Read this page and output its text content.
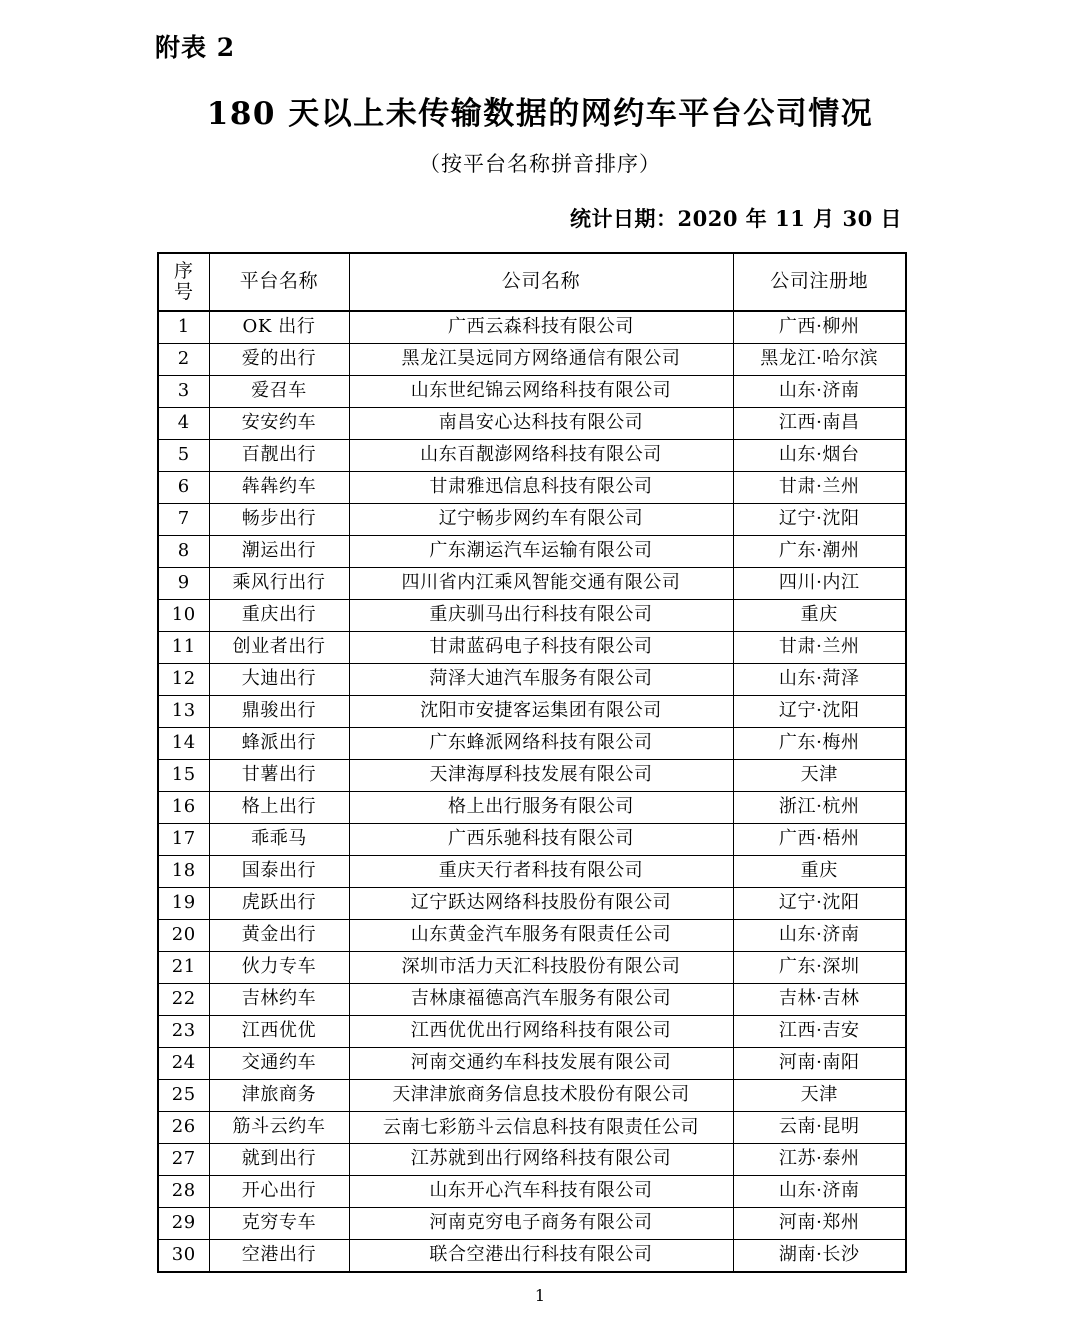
附表 2
180 天以上未传输数据的网约车平台公司情况
（按平台名称拼音排序）
统计日期：2020 年 11 月 30 日
序
号	平台名称	公司名称	公司注册地
1	OK 出行	广西云森科技有限公司	广西·柳州
2	爱的出行	黑龙江昊远同方网络通信有限公司	黑龙江·哈尔滨
3	爱召车	山东世纪锦云网络科技有限公司	山东·济南
4	安安约车	南昌安心达科技有限公司	江西·南昌
5	百靓出行	山东百靓澎网络科技有限公司	山东·烟台
6	犇犇约车	甘肃雅迅信息科技有限公司	甘肃·兰州
7	畅步出行	辽宁畅步网约车有限公司	辽宁·沈阳
8	潮运出行	广东潮运汽车运输有限公司	广东·潮州
9	乘风行出行	四川省内江乘风智能交通有限公司	四川·内江
10	重庆出行	重庆驯马出行科技有限公司	重庆
11	创业者出行	甘肃蓝码电子科技有限公司	甘肃·兰州
12	大迪出行	菏泽大迪汽车服务有限公司	山东·菏泽
13	鼎骏出行	沈阳市安捷客运集团有限公司	辽宁·沈阳
14	蜂派出行	广东蜂派网络科技有限公司	广东·梅州
15	甘薯出行	天津海厚科技发展有限公司	天津
16	格上出行	格上出行服务有限公司	浙江·杭州
17	乖乖马	广西乐驰科技有限公司	广西·梧州
18	国泰出行	重庆天行者科技有限公司	重庆
19	虎跃出行	辽宁跃达网络科技股份有限公司	辽宁·沈阳
20	黄金出行	山东黄金汽车服务有限责任公司	山东·济南
21	伙力专车	深圳市活力天汇科技股份有限公司	广东·深圳
22	吉林约车	吉林康福德高汽车服务有限公司	吉林·吉林
23	江西优优	江西优优出行网络科技有限公司	江西·吉安
24	交通约车	河南交通约车科技发展有限公司	河南·南阳
25	津旅商务	天津津旅商务信息技术股份有限公司	天津
26	筋斗云约车	云南七彩筋斗云信息科技有限责任公司	云南·昆明
27	就到出行	江苏就到出行网络科技有限公司	江苏·泰州
28	开心出行	山东开心汽车科技有限公司	山东·济南
29	克穷专车	河南克穷电子商务有限公司	河南·郑州
30	空港出行	联合空港出行科技有限公司	湖南·长沙
1
